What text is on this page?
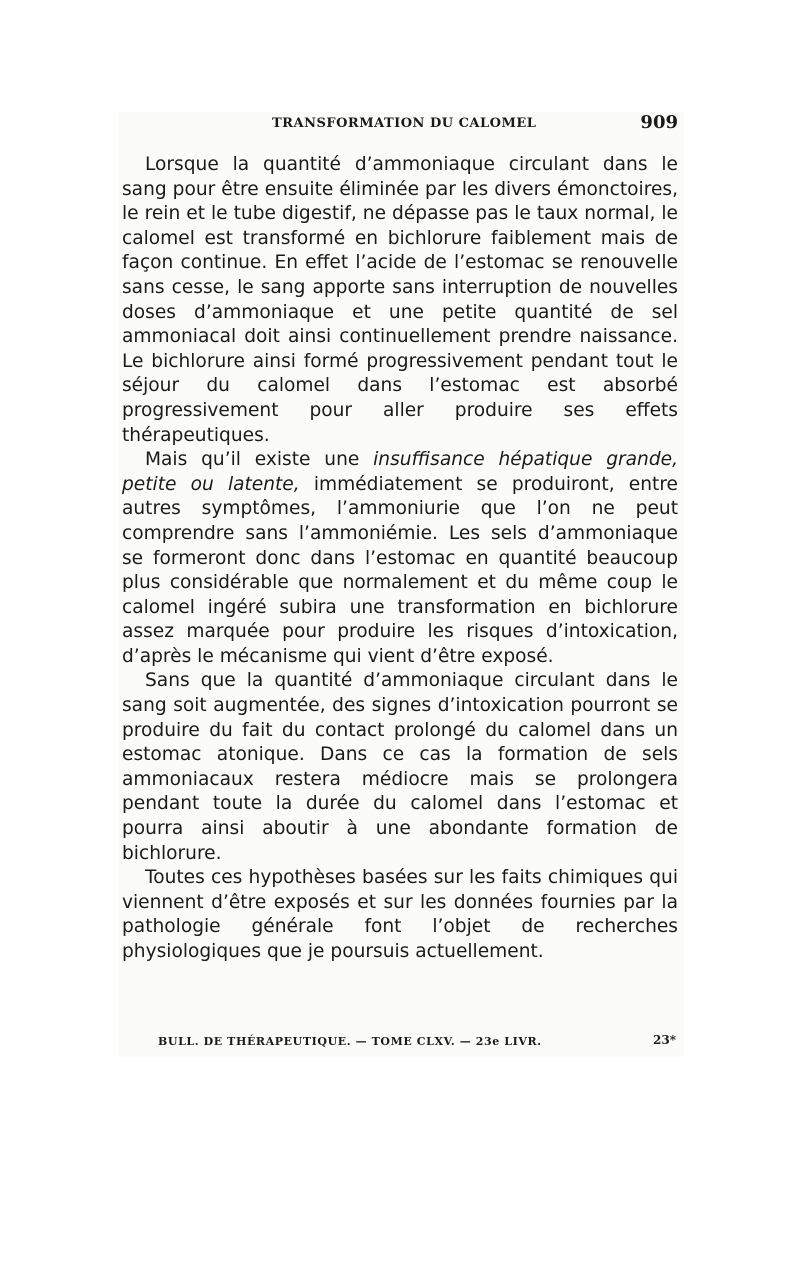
TRANSFORMATION DU CALOMEL	909

Lorsque la quantité d’ammoniaque circulant dans le sang pour être ensuite éliminée par les divers émonctoires, le rein et le tube digestif, ne dépasse pas le taux normal, le calomel est transformé en bichlorure faiblement mais de façon continue. En effet l’acide de l’estomac se renouvelle sans cesse, le sang apporte sans interruption de nouvelles doses d’ammoniaque et une petite quantité de sel ammoniacal doit ainsi continuellement prendre naissance. Le bichlorure ainsi formé progressivement pendant tout le séjour du calomel dans l’estomac est absorbé progressivement pour aller produire ses effets thérapeutiques.

Mais qu’il existe une insuffisance hépatique grande, petite ou latente, immédiatement se produiront, entre autres symptômes, l’ammoniurie que l’on ne peut comprendre sans l’ammoniémie. Les sels d’ammoniaque se formeront donc dans l’estomac en quantité beaucoup plus considérable que normalement et du même coup le calomel ingéré subira une transformation en bichlorure assez marquée pour produire les risques d’intoxication, d’après le mécanisme qui vient d’être exposé.

Sans que la quantité d’ammoniaque circulant dans le sang soit augmentée, des signes d’intoxication pourront se produire du fait du contact prolongé du calomel dans un estomac atonique. Dans ce cas la formation de sels ammoniacaux restera médiocre mais se prolongera pendant toute la durée du calomel dans l’estomac et pourra ainsi aboutir à une abondante formation de bichlorure.

Toutes ces hypothèses basées sur les faits chimiques qui viennent d’être exposés et sur les données fournies par la pathologie générale font l’objet de recherches physiologiques que je poursuis actuellement.

BULL. DE THÉRAPEUTIQUE. — TOME CLXV. — 23e LIVR.	23*
